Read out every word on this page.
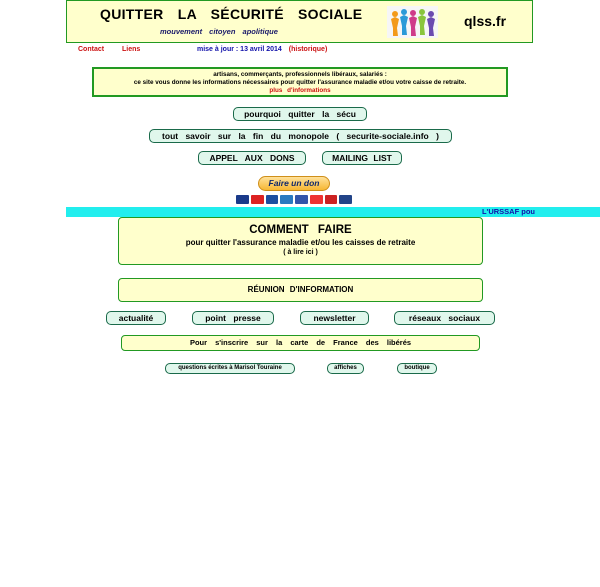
QUITTER LA SÉCURITÉ SOCIALE
mouvement citoyen apolitique
qlss.fr
Contact	Liens	mise à jour : 13 avril 2014 (historique)
artisans, commerçants, professionnels libéraux, salariés :
ce site vous donne les informations nécessaires pour quitter l'assurance maladie et/ou votre caisse de retraite.
plus d'informations
pourquoi quitter la sécu
tout savoir sur la fin du monopole ( securite-sociale.info )
APPEL AUX DONS	MAILING LIST
Faire un don
L'URSSAF pou
COMMENT FAIRE
pour quitter l'assurance maladie et/ou les caisses de retraite
( à lire ici )
RÉUNION D'INFORMATION
actualité	point presse	newsletter	réseaux sociaux
Pour s'inscrire sur la carte de France des libérés
questions écrites à Marisol Touraine	affiches	boutique
